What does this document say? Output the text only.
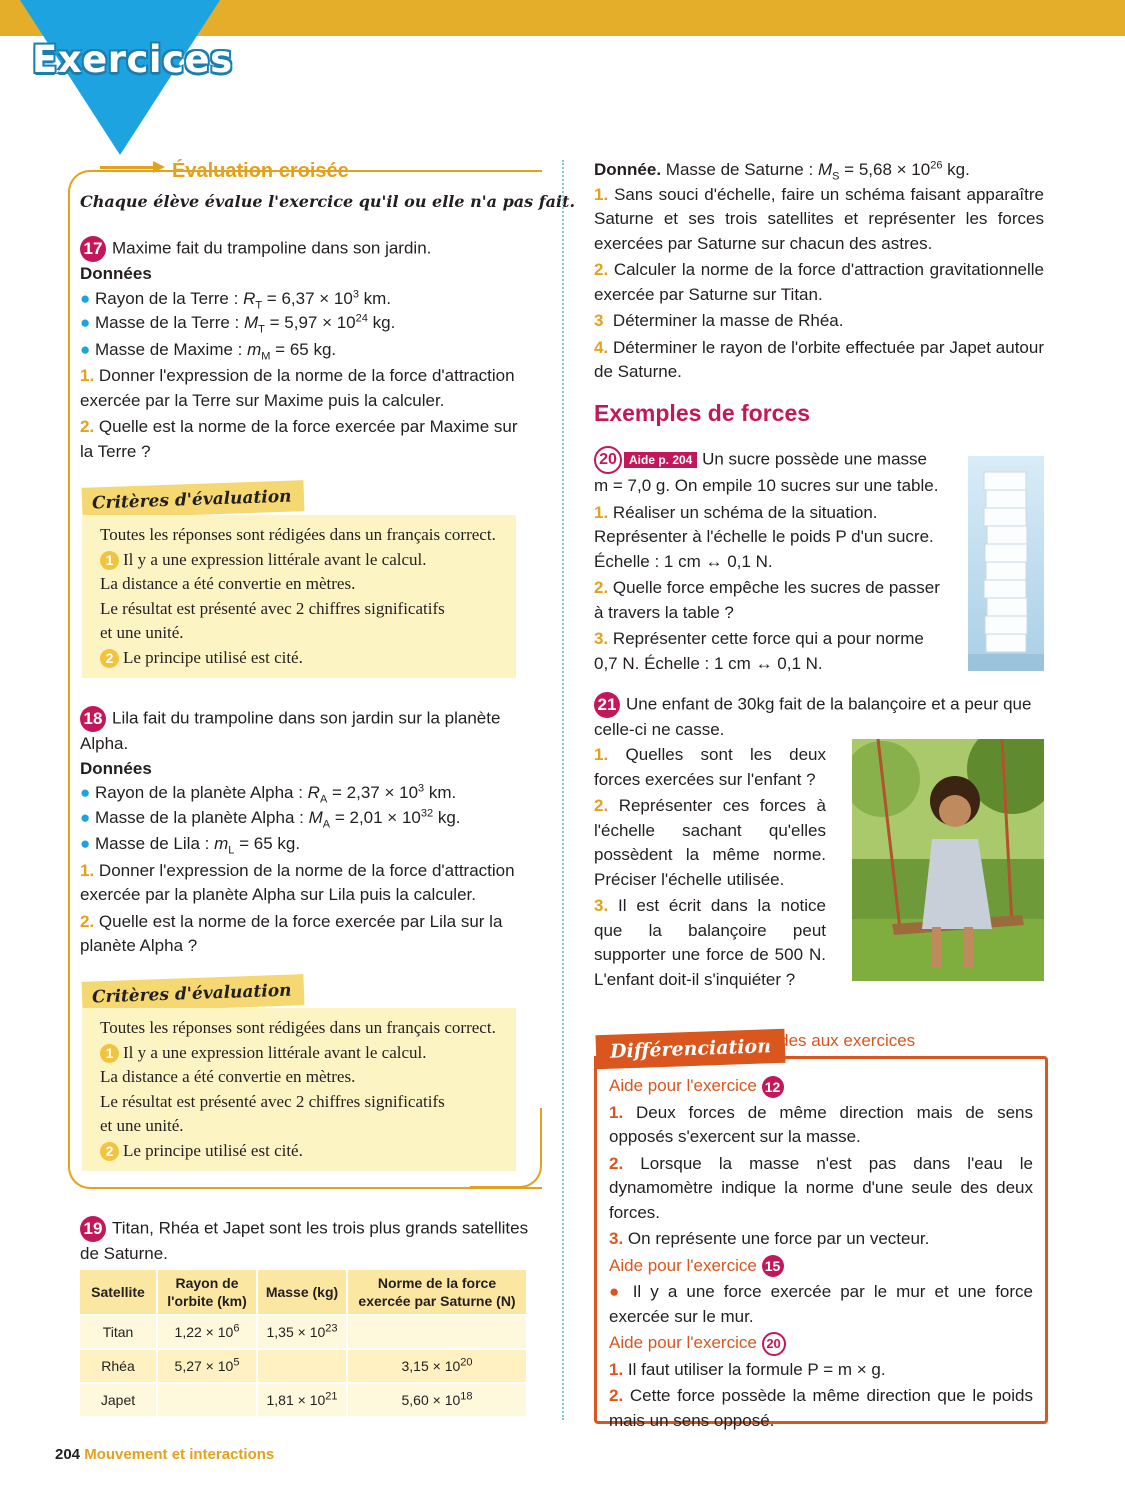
Exercices
Évaluation croisée
Chaque élève évalue l'exercice qu'il ou elle n'a pas fait.

17 Maxime fait du trampoline dans son jardin.

Données

● Rayon de la Terre : $R_T = 6,37 \times 10^3$ km.

● Masse de la Terre : $M_T = 5,97 \times 10^{24}$ kg.

● Masse de Maxime : $m_M = 65$ kg.

1. Donner l'expression de la norme de la force d'attraction exercée par la Terre sur Maxime puis la calculer.

2. Quelle est la norme de la force exercée par Maxime sur la Terre ?

Critères d'évaluation

Toutes les réponses sont rédigées dans un français correct.

1 Il y a une expression littérale avant le calcul.

La distance a été convertie en mètres.

Le résultat est présenté avec 2 chiffres significatifs

et une unité.

2 Le principe utilisé est cité.

18 Lila fait du trampoline dans son jardin sur la planète Alpha.

Données

● Rayon de la planète Alpha : $R_A = 2,37 \times 10^3$ km.

● Masse de la planète Alpha : $M_A = 2,01 \times 10^{32}$ kg.

● Masse de Lila : $m_L = 65$ kg.

1. Donner l'expression de la norme de la force d'attraction exercée par la planète Alpha sur Lila puis la calculer.

2. Quelle est la norme de la force exercée par Lila sur la planète Alpha ?

Critères d'évaluation

Toutes les réponses sont rédigées dans un français correct.

1 Il y a une expression littérale avant le calcul.

La distance a été convertie en mètres.

Le résultat est présenté avec 2 chiffres significatifs

et une unité.

2 Le principe utilisé est cité.

19 Titan, Rhéa et Japet sont les trois plus grands satellites de Saturne.

Satellite	Rayon de l'orbite (km)	Masse (kg)	Norme de la force exercée par Saturne (N)
Titan	$1,22 \times 10^6$	$1,35 \times 10^{23}$	
Rhéa	$5,27 \times 10^5$		$3,15 \times 10^{20}$
Japet		$1,81 \times 10^{21}$	$5,60 \times 10^{18}$

Donnée. Masse de Saturne : $M_S = 5,68 \times 10^{26}$ kg.

1. Sans souci d'échelle, faire un schéma faisant apparaître Saturne et ses trois satellites et représenter les forces exercées par Saturne sur chacun des astres.

2. Calculer la norme de la force d'attraction gravitationnelle exercée par Saturne sur Titan.

3 Déterminer la masse de Rhéa.

4. Déterminer le rayon de l'orbite effectuée par Japet autour de Saturne.

Exemples de forces

20 Aide p. 204 Un sucre possède une masse m = 7,0 g. On empile 10 sucres sur une table.

1. Réaliser un schéma de la situation. Représenter à l'échelle le poids P d'un sucre. Échelle : 1 cm ↔ 0,1 N.

2. Quelle force empêche les sucres de passer à travers la table ?

3. Représenter cette force qui a pour norme 0,7 N. Échelle : 1 cm ↔ 0,1 N.

21 Une enfant de 30kg fait de la balançoire et a peur que celle-ci ne casse.

1. Quelles sont les deux forces exercées sur l'enfant ?

2. Représenter ces forces à l'échelle sachant qu'elles possèdent la même norme. Préciser l'échelle utilisée.

3. Il est écrit dans la notice que la balançoire peut supporter une force de 500 N. L'enfant doit-il s'inquiéter ?

Différenciation
Aides aux exercices

Aide pour l'exercice 12

1. Deux forces de même direction mais de sens opposés s'exercent sur la masse.

2. Lorsque la masse n'est pas dans l'eau le dynamomètre indique la norme d'une seule des deux forces.

3. On représente une force par un vecteur.

Aide pour l'exercice 15

● Il y a une force exercée par le mur et une force exercée sur le mur.

Aide pour l'exercice 20

1. Il faut utiliser la formule P = m × g.

2. Cette force possède la même direction que le poids mais un sens opposé.

204 Mouvement et interactions
